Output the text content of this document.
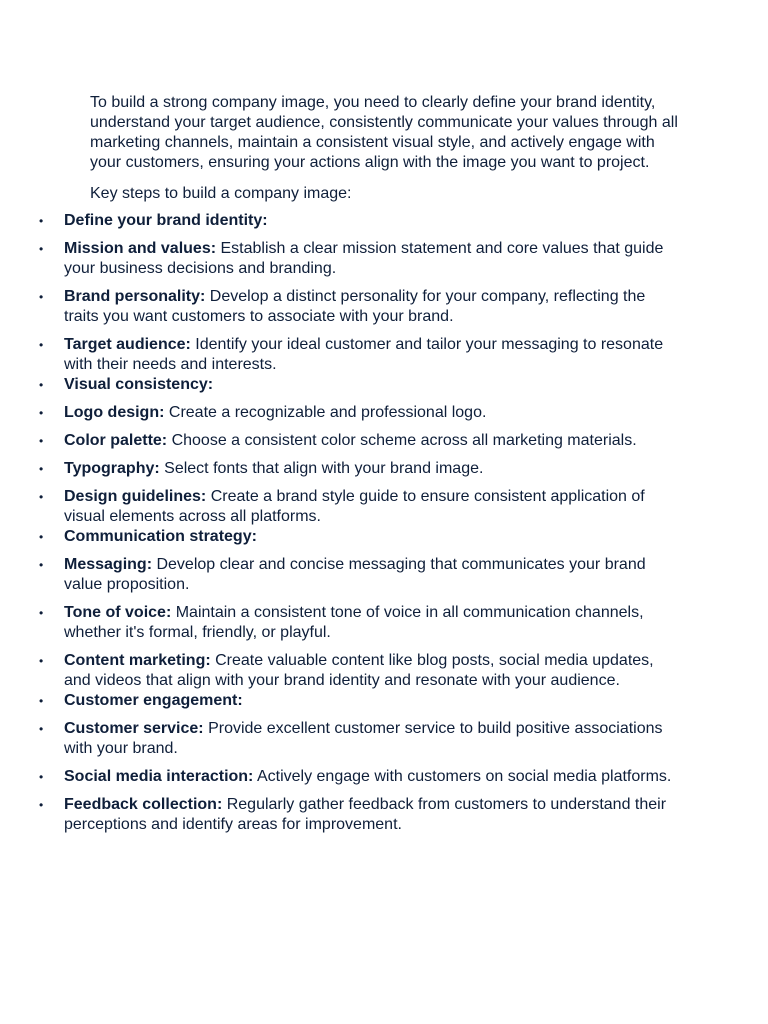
To build a strong company image, you need to clearly define your brand identity, understand your target audience, consistently communicate your values through all marketing channels, maintain a consistent visual style, and actively engage with your customers, ensuring your actions align with the image you want to project.

Key steps to build a company image:

• Define your brand identity:
• Mission and values: Establish a clear mission statement and core values that guide your business decisions and branding.
• Brand personality: Develop a distinct personality for your company, reflecting the traits you want customers to associate with your brand.
• Target audience: Identify your ideal customer and tailor your messaging to resonate with their needs and interests.
• Visual consistency:
• Logo design: Create a recognizable and professional logo.
• Color palette: Choose a consistent color scheme across all marketing materials.
• Typography: Select fonts that align with your brand image.
• Design guidelines: Create a brand style guide to ensure consistent application of visual elements across all platforms.
• Communication strategy:
• Messaging: Develop clear and concise messaging that communicates your brand value proposition.
• Tone of voice: Maintain a consistent tone of voice in all communication channels, whether it's formal, friendly, or playful.
• Content marketing: Create valuable content like blog posts, social media updates, and videos that align with your brand identity and resonate with your audience.
• Customer engagement:
• Customer service: Provide excellent customer service to build positive associations with your brand.
• Social media interaction: Actively engage with customers on social media platforms.
• Feedback collection: Regularly gather feedback from customers to understand their perceptions and identify areas for improvement.
